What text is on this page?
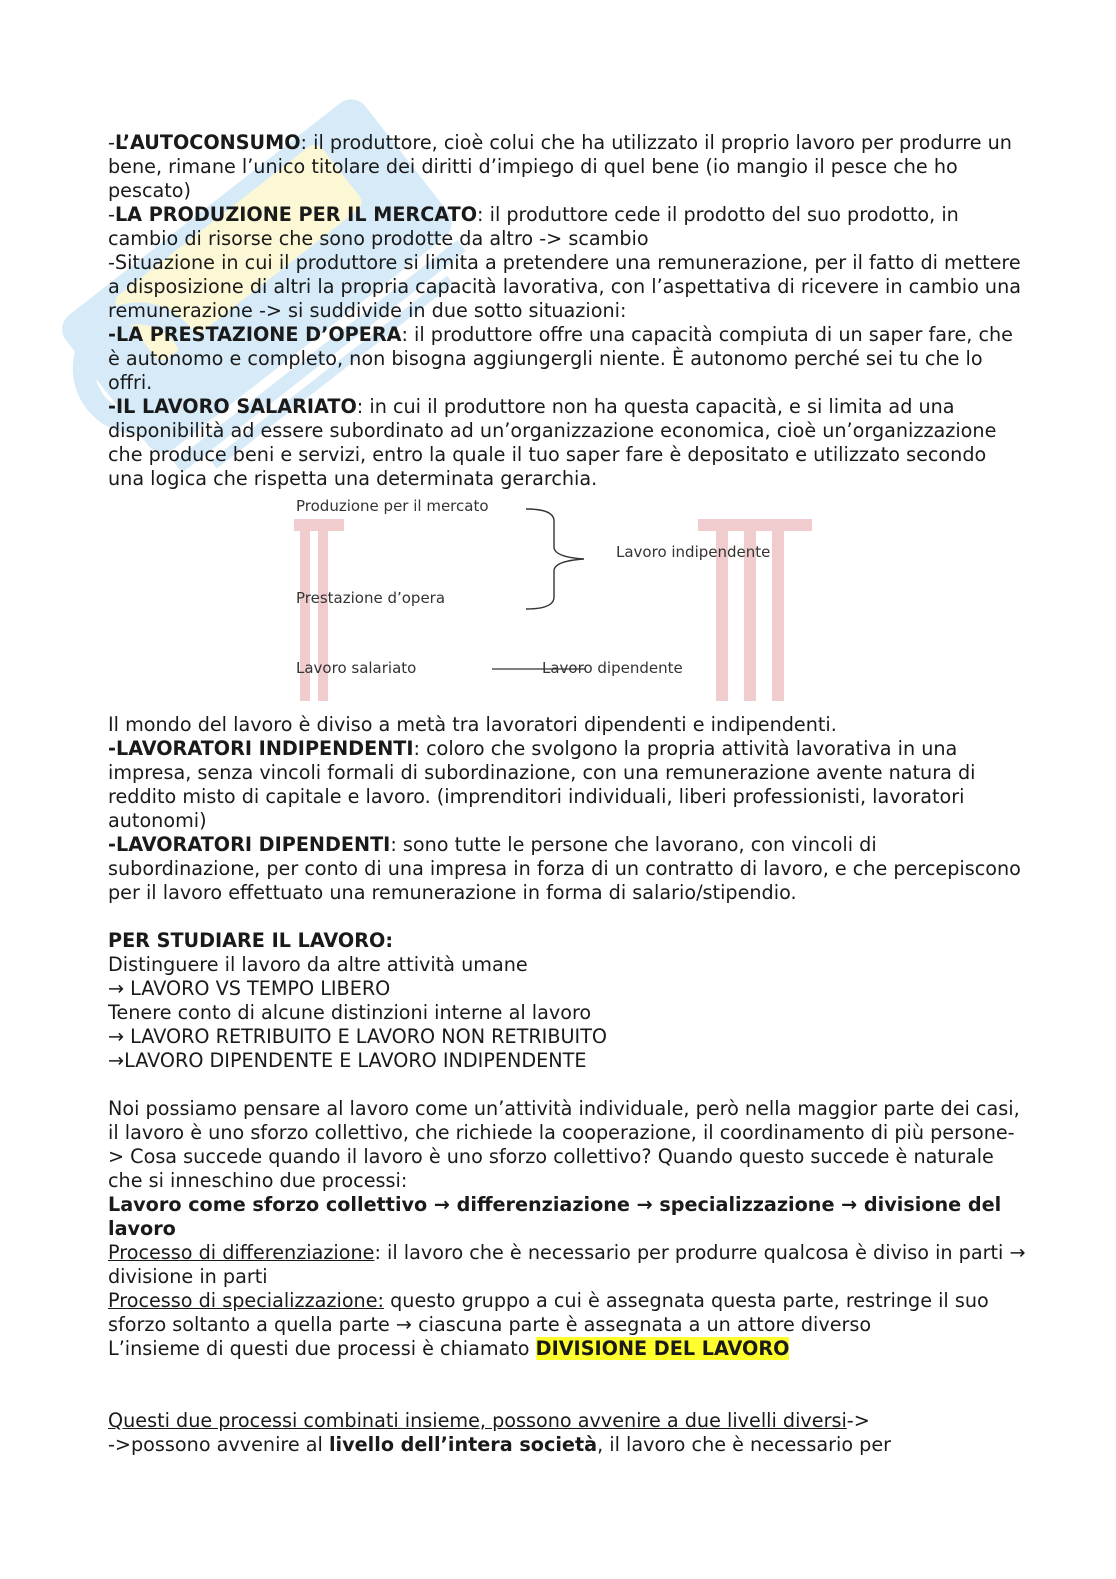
-L’AUTOCONSUMO: il produttore, cioè colui che ha utilizzato il proprio lavoro per produrre un bene, rimane l’unico titolare dei diritti d’impiego di quel bene (io mangio il pesce che ho pescato)

-LA PRODUZIONE PER IL MERCATO: il produttore cede il prodotto del suo prodotto, in cambio di risorse che sono prodotte da altro -> scambio

-Situazione in cui il produttore si limita a pretendere una remunerazione, per il fatto di mettere a disposizione di altri la propria capacità lavorativa, con l’aspettativa di ricevere in cambio una remunerazione -> si suddivide in due sotto situazioni:

-LA PRESTAZIONE D’OPERA: il produttore offre una capacità compiuta di un saper fare, che è autonomo e completo, non bisogna aggiungergli niente. È autonomo perché sei tu che lo offri.

-IL LAVORO SALARIATO: in cui il produttore non ha questa capacità, e si limita ad una disponibilità ad essere subordinato ad un’organizzazione economica, cioè un’organizzazione che produce beni e servizi, entro la quale il tuo saper fare è depositato e utilizzato secondo una logica che rispetta una determinata gerarchia.

Produzione per il mercato
Lavoro indipendente
Prestazione d’opera
Lavoro salariato	Lavoro dipendente

Il mondo del lavoro è diviso a metà tra lavoratori dipendenti e indipendenti.

-LAVORATORI INDIPENDENTI: coloro che svolgono la propria attività lavorativa in una impresa, senza vincoli formali di subordinazione, con una remunerazione avente natura di reddito misto di capitale e lavoro. (imprenditori individuali, liberi professionisti, lavoratori autonomi)

-LAVORATORI DIPENDENTI: sono tutte le persone che lavorano, con vincoli di subordinazione, per conto di una impresa in forza di un contratto di lavoro, e che percepiscono per il lavoro effettuato una remunerazione in forma di salario/stipendio.

PER STUDIARE IL LAVORO:

Distinguere il lavoro da altre attività umane

→ LAVORO VS TEMPO LIBERO

Tenere conto di alcune distinzioni interne al lavoro

→ LAVORO RETRIBUITO E LAVORO NON RETRIBUITO

→LAVORO DIPENDENTE E LAVORO INDIPENDENTE

Noi possiamo pensare al lavoro come un’attività individuale, però nella maggior parte dei casi, il lavoro è uno sforzo collettivo, che richiede la cooperazione, il coordinamento di più persone-> Cosa succede quando il lavoro è uno sforzo collettivo? Quando questo succede è naturale che si inneschino due processi:

Lavoro come sforzo collettivo → differenziazione → specializzazione → divisione del lavoro

Processo di differenziazione: il lavoro che è necessario per produrre qualcosa è diviso in parti → divisione in parti

Processo di specializzazione: questo gruppo a cui è assegnata questa parte, restringe il suo sforzo soltanto a quella parte → ciascuna parte è assegnata a un attore diverso

L’insieme di questi due processi è chiamato DIVISIONE DEL LAVORO

Questi due processi combinati insieme, possono avvenire a due livelli diversi->

->possono avvenire al livello dell’intera società, il lavoro che è necessario per
